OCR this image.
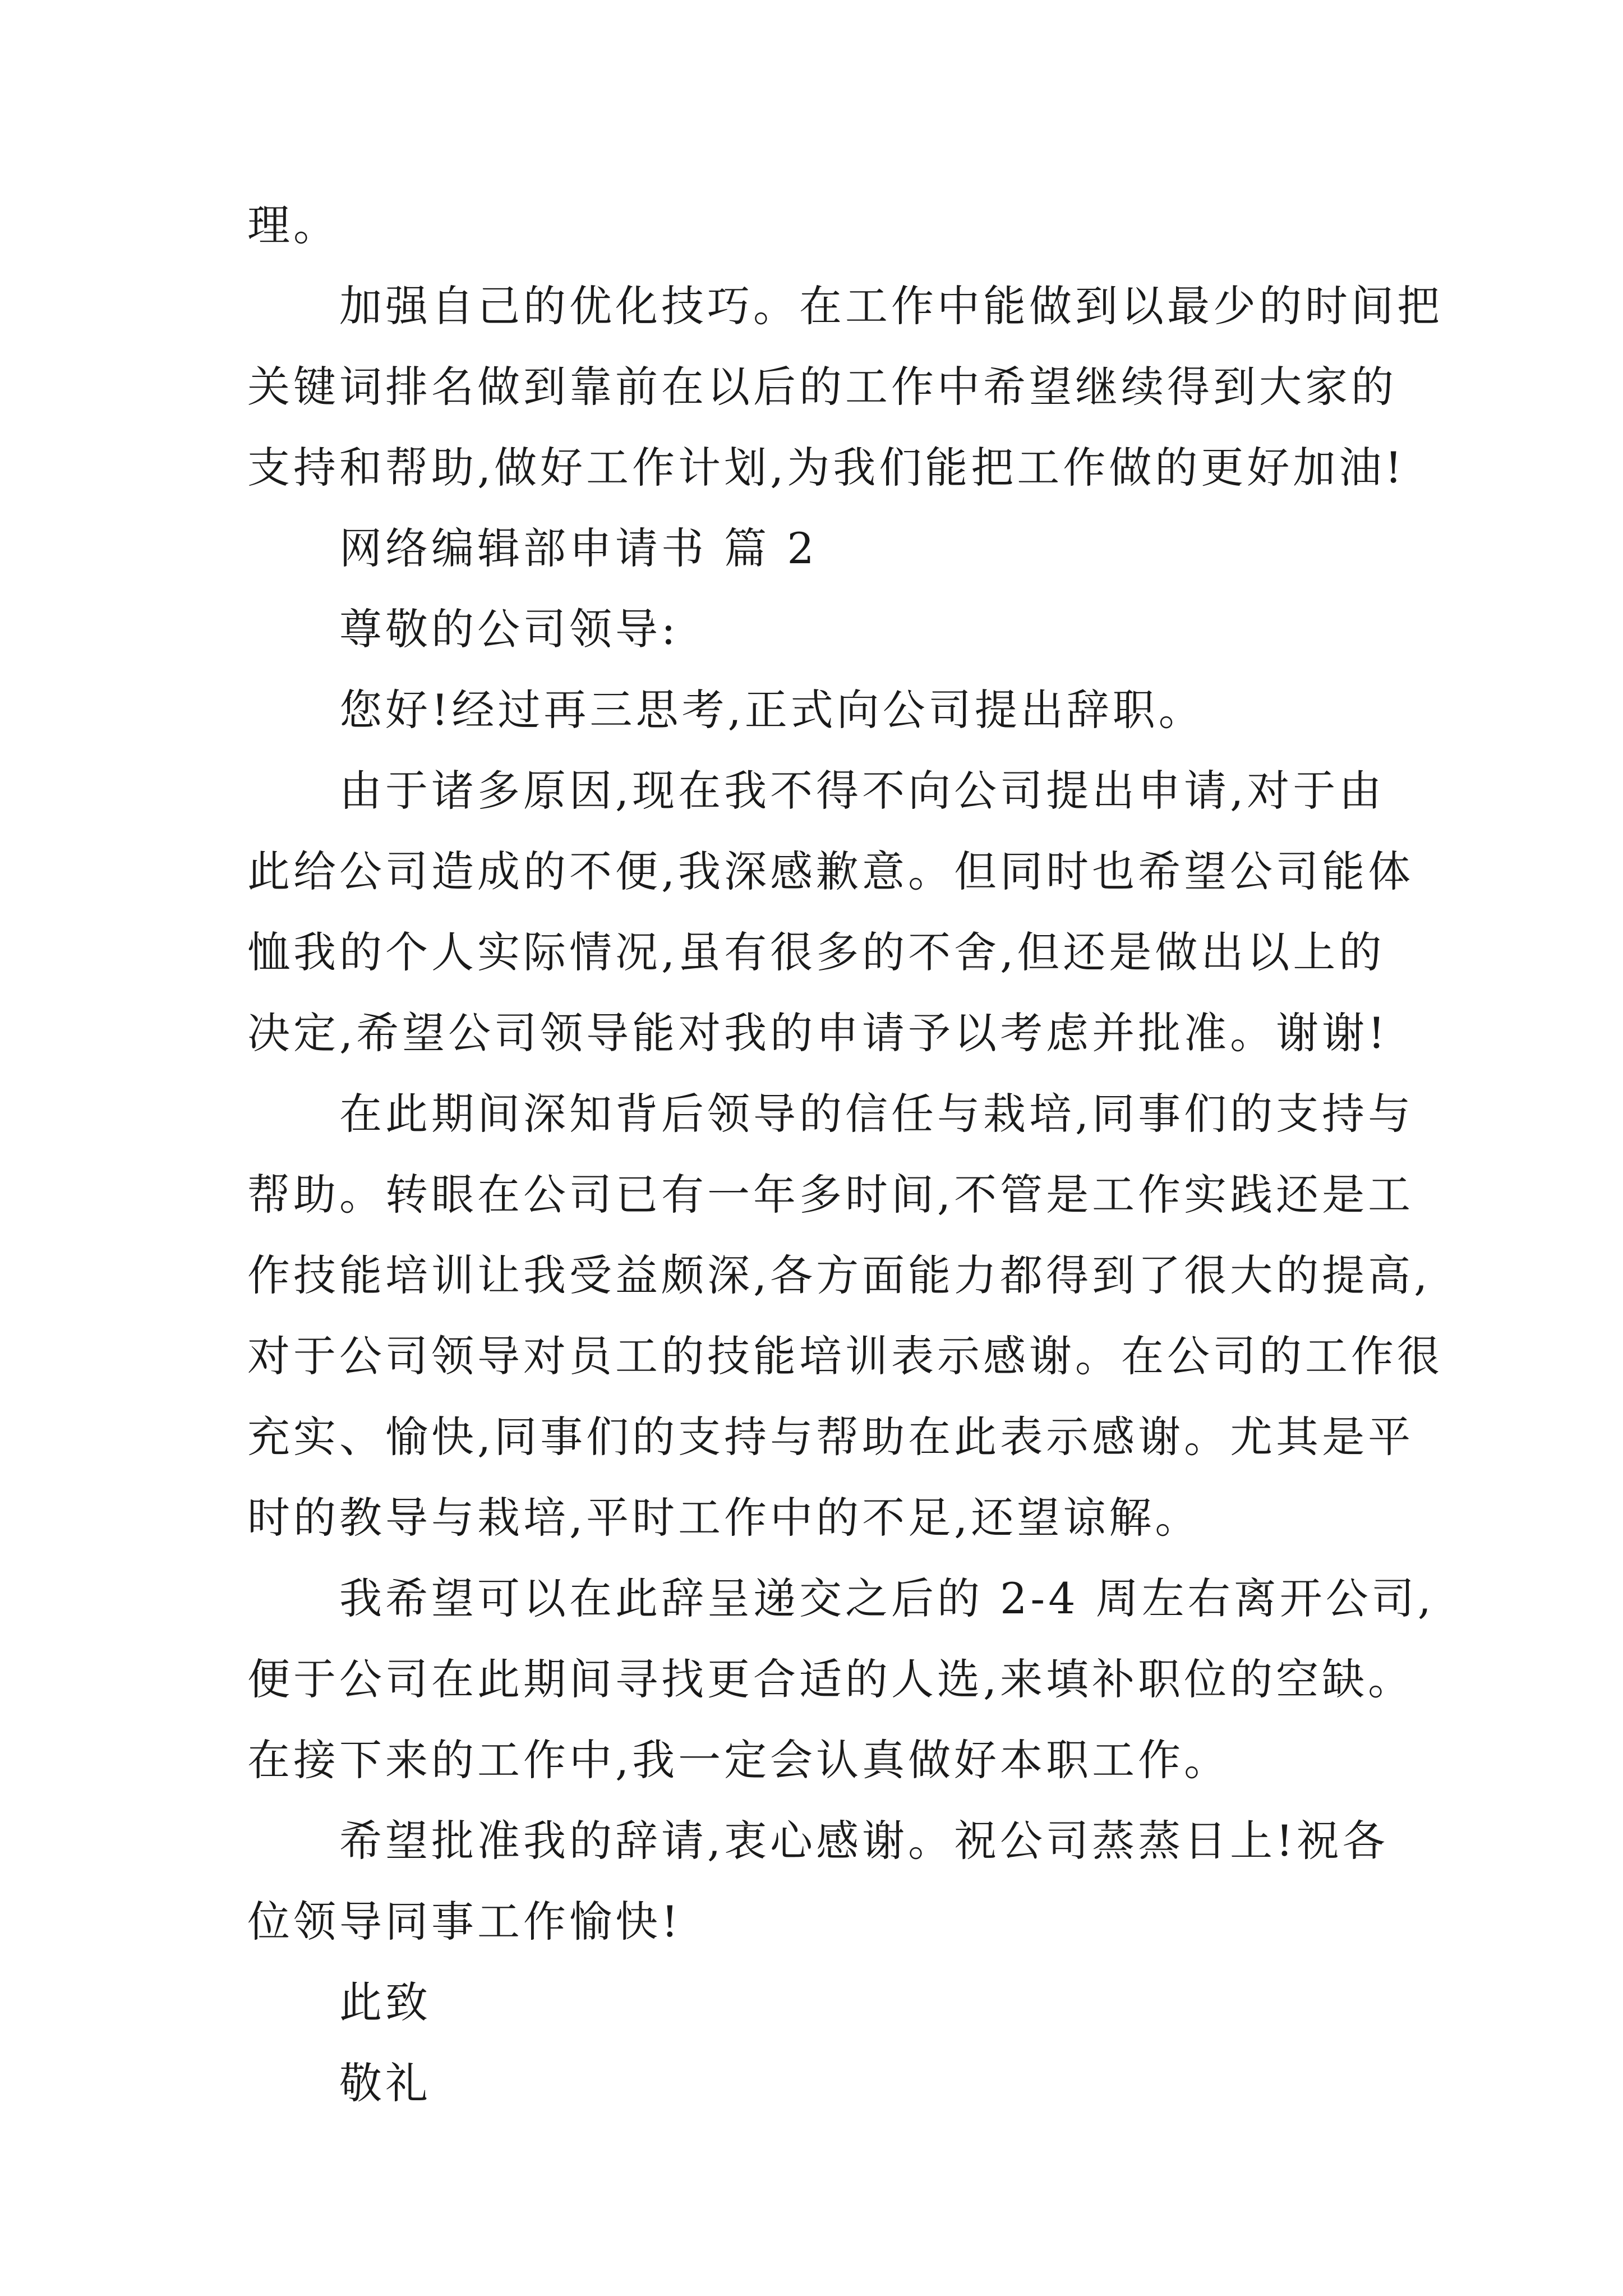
理。

加强自己的优化技巧。在工作中能做到以最少的时间把
关键词排名做到靠前在以后的工作中希望继续得到大家的
支持和帮助,做好工作计划,为我们能把工作做的更好加油!

网络编辑部申请书 篇 2

尊敬的公司领导:

您好!经过再三思考,正式向公司提出辞职。

由于诸多原因,现在我不得不向公司提出申请,对于由
此给公司造成的不便,我深感歉意。但同时也希望公司能体
恤我的个人实际情况,虽有很多的不舍,但还是做出以上的
决定,希望公司领导能对我的申请予以考虑并批准。谢谢!

在此期间深知背后领导的信任与栽培,同事们的支持与
帮助。转眼在公司已有一年多时间,不管是工作实践还是工
作技能培训让我受益颇深,各方面能力都得到了很大的提高,
对于公司领导对员工的技能培训表示感谢。在公司的工作很
充实、愉快,同事们的支持与帮助在此表示感谢。尤其是平
时的教导与栽培,平时工作中的不足,还望谅解。

我希望可以在此辞呈递交之后的 2-4 周左右离开公司,
便于公司在此期间寻找更合适的人选,来填补职位的空缺。
在接下来的工作中,我一定会认真做好本职工作。

希望批准我的辞请,衷心感谢。祝公司蒸蒸日上!祝各
位领导同事工作愉快!

此致

敬礼
